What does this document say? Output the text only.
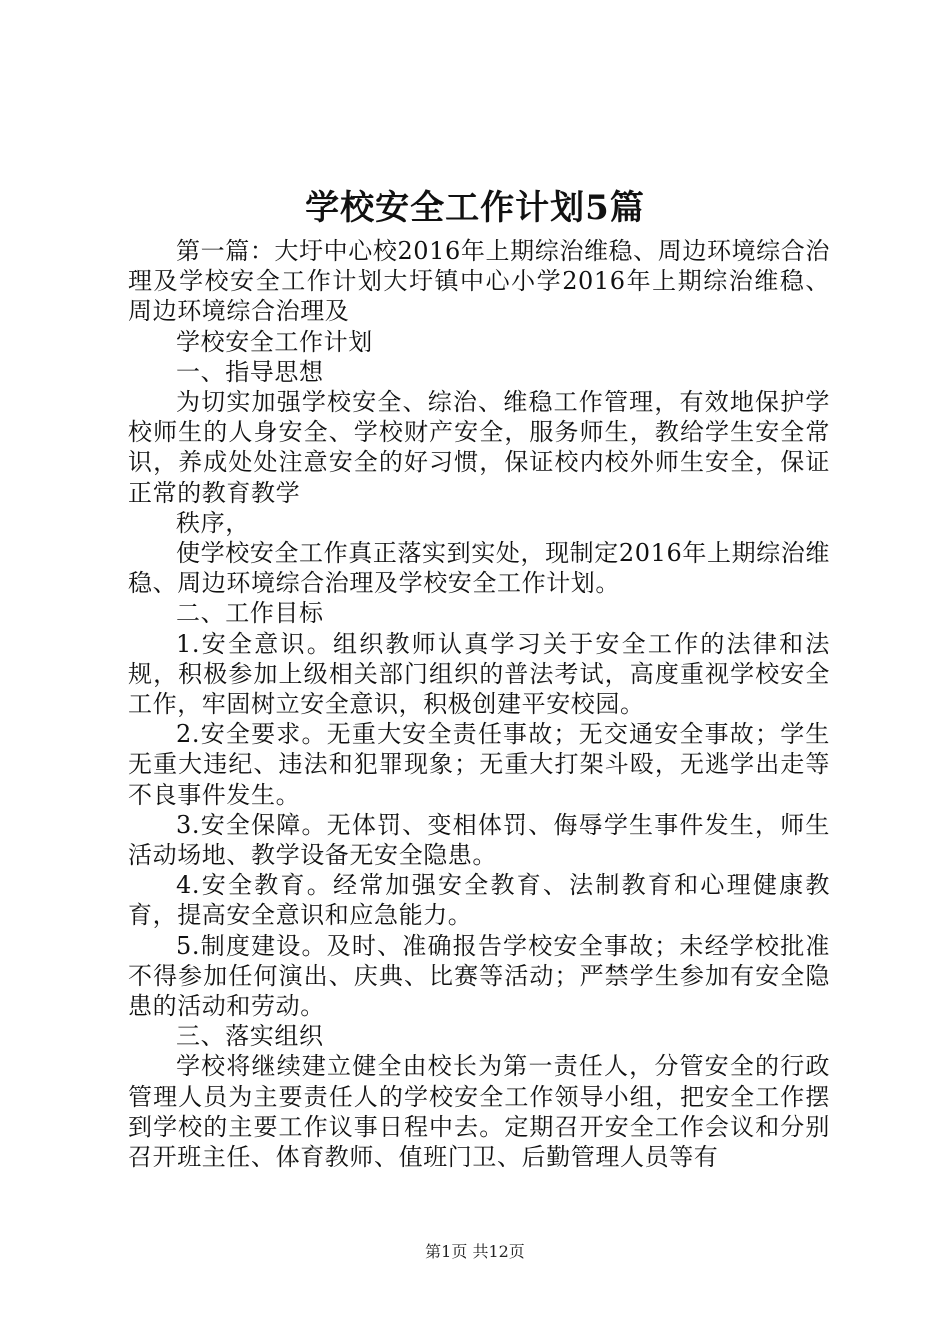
学校安全工作计划5篇

第一篇：大圩中心校2016年上期综治维稳、周边环境综合治理及学校安全工作计划大圩镇中心小学2016年上期综治维稳、周边环境综合治理及

学校安全工作计划

一、指导思想

为切实加强学校安全、综治、维稳工作管理，有效地保护学校师生的人身安全、学校财产安全，服务师生，教给学生安全常识，养成处处注意安全的好习惯，保证校内校外师生安全，保证正常的教育教学

秩序，

使学校安全工作真正落实到实处，现制定2016年上期综治维稳、周边环境综合治理及学校安全工作计划。

二、工作目标

1.安全意识。组织教师认真学习关于安全工作的法律和法规，积极参加上级相关部门组织的普法考试，高度重视学校安全工作，牢固树立安全意识，积极创建平安校园。

2.安全要求。无重大安全责任事故；无交通安全事故；学生无重大违纪、违法和犯罪现象；无重大打架斗殴，无逃学出走等不良事件发生。

3.安全保障。无体罚、变相体罚、侮辱学生事件发生，师生活动场地、教学设备无安全隐患。

4.安全教育。经常加强安全教育、法制教育和心理健康教育，提高安全意识和应急能力。

5.制度建设。及时、准确报告学校安全事故；未经学校批准不得参加任何演出、庆典、比赛等活动；严禁学生参加有安全隐患的活动和劳动。

三、落实组织

学校将继续建立健全由校长为第一责任人，分管安全的行政管理人员为主要责任人的学校安全工作领导小组，把安全工作摆到学校的主要工作议事日程中去。定期召开安全工作会议和分别召开班主任、体育教师、值班门卫、后勤管理人员等有

第1页 共12页
